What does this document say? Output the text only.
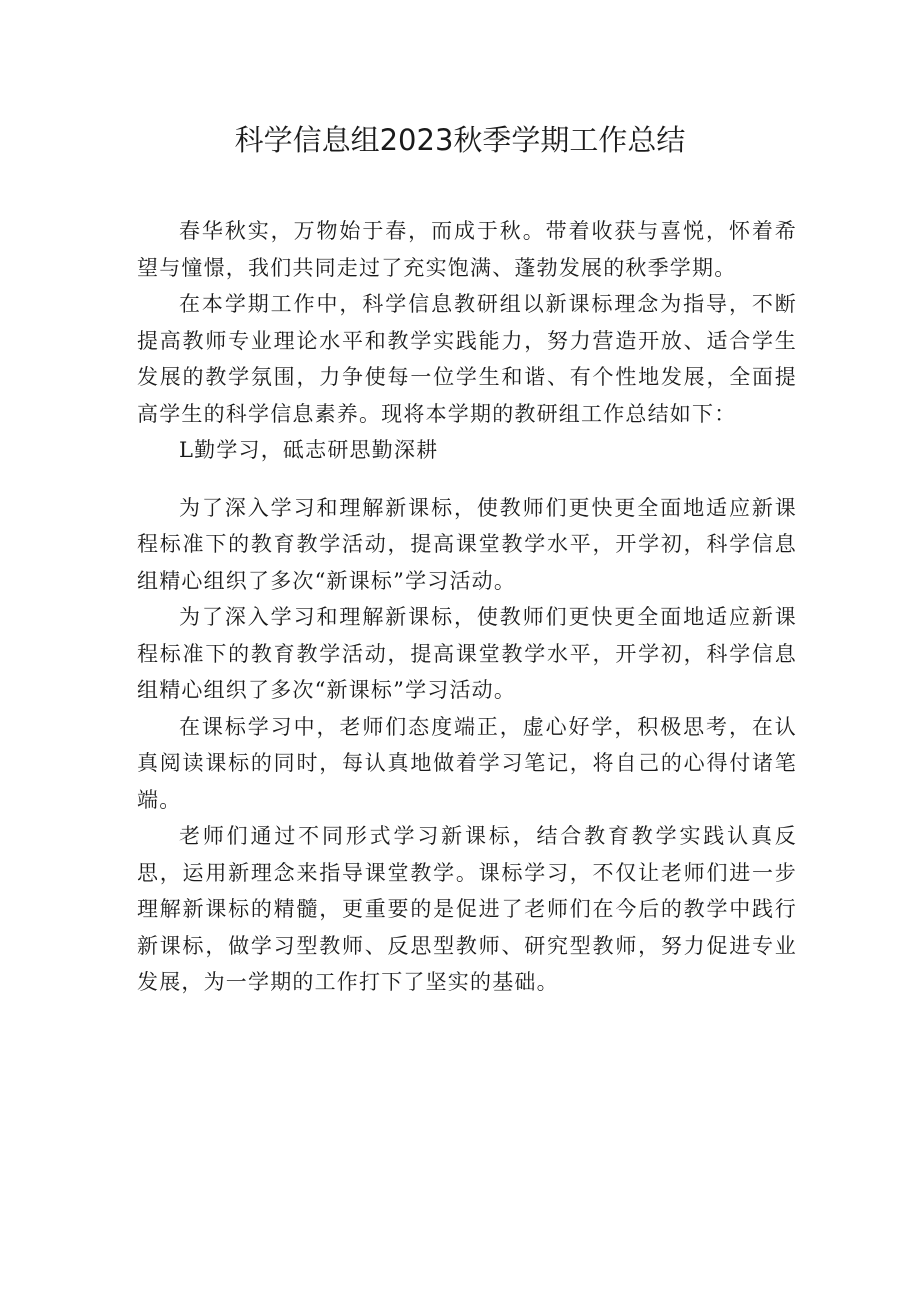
科学信息组2023秋季学期工作总结

春华秋实，万物始于春，而成于秋。带着收获与喜悦，怀着希望与憧憬，我们共同走过了充实饱满、蓬勃发展的秋季学期。

在本学期工作中，科学信息教研组以新课标理念为指导，不断提高教师专业理论水平和教学实践能力，努力营造开放、适合学生发展的教学氛围，力争使每一位学生和谐、有个性地发展，全面提高学生的科学信息素养。现将本学期的教研组工作总结如下：

L勤学习，砥志研思勤深耕

为了深入学习和理解新课标，使教师们更快更全面地适应新课程标准下的教育教学活动，提高课堂教学水平，开学初，科学信息组精心组织了多次“新课标”学习活动。

为了深入学习和理解新课标，使教师们更快更全面地适应新课程标准下的教育教学活动，提高课堂教学水平，开学初，科学信息组精心组织了多次“新课标”学习活动。

在课标学习中，老师们态度端正，虚心好学，积极思考，在认真阅读课标的同时，每认真地做着学习笔记，将自己的心得付诸笔端。

老师们通过不同形式学习新课标，结合教育教学实践认真反思，运用新理念来指导课堂教学。课标学习，不仅让老师们进一步理解新课标的精髓，更重要的是促进了老师们在今后的教学中践行新课标，做学习型教师、反思型教师、研究型教师，努力促进专业发展，为一学期的工作打下了坚实的基础。
